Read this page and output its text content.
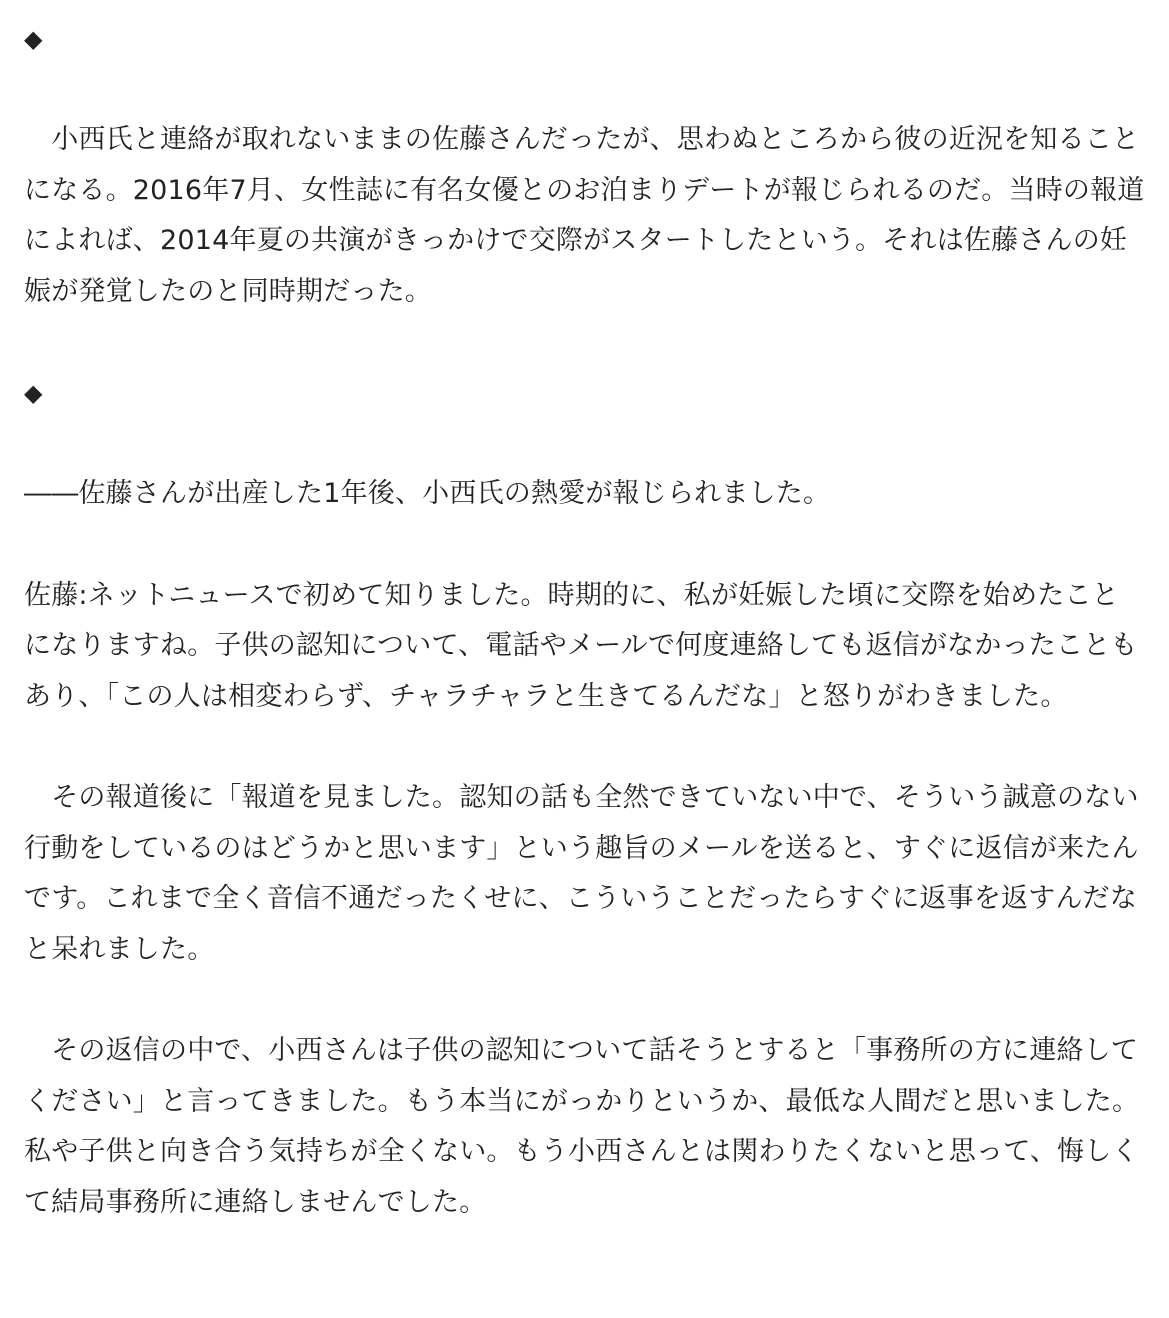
◆

　小西氏と連絡が取れないままの佐藤さんだったが、思わぬところから彼の近況を知ることになる。2016年7月、女性誌に有名女優とのお泊まりデートが報じられるのだ。当時の報道によれば、2014年夏の共演がきっかけで交際がスタートしたという。それは佐藤さんの妊娠が発覚したのと同時期だった。

◆

――佐藤さんが出産した1年後、小西氏の熱愛が報じられました。

佐藤:ネットニュースで初めて知りました。時期的に、私が妊娠した頃に交際を始めたことになりますね。子供の認知について、電話やメールで何度連絡しても返信がなかったこともあり、「この人は相変わらず、チャラチャラと生きてるんだな」と怒りがわきました。

　その報道後に「報道を見ました。認知の話も全然できていない中で、そういう誠意のない行動をしているのはどうかと思います」という趣旨のメールを送ると、すぐに返信が来たんです。これまで全く音信不通だったくせに、こういうことだったらすぐに返事を返すんだなと呆れました。

　その返信の中で、小西さんは子供の認知について話そうとすると「事務所の方に連絡してください」と言ってきました。もう本当にがっかりというか、最低な人間だと思いました。私や子供と向き合う気持ちが全くない。もう小西さんとは関わりたくないと思って、悔しくて結局事務所に連絡しませんでした。
